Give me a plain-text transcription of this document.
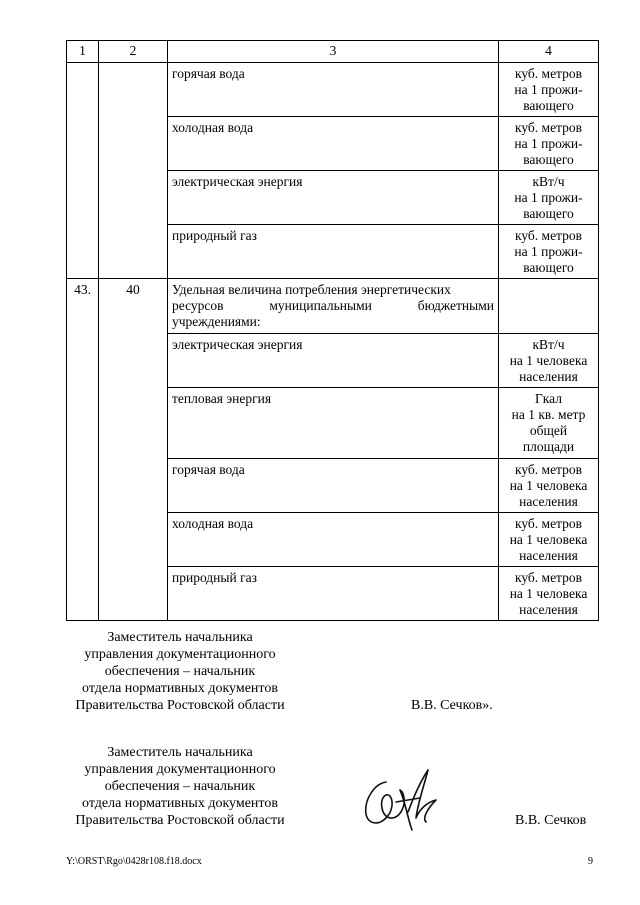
1	2	3	4
		горячая вода	куб. метров
на 1 прожи-
вающего

		холодная вода	куб. метров
на 1 прожи-
вающего

		электрическая энергия	кВт/ч
на 1 прожи-
вающего

		природный газ	куб. метров
на 1 прожи-
вающего

43.	40	Удельная величина потребления энергетических
ресурсов муниципальными бюджетными
учреждениями:	

		электрическая энергия	кВт/ч
на 1 человека
населения

		тепловая энергия	Гкал
на 1 кв. метр
общей
площади

		горячая вода	куб. метров
на 1 человека
населения

		холодная вода	куб. метров
на 1 человека
населения

		природный газ	куб. метров
на 1 человека
населения
Заместитель начальника
управления документационного
обеспечения – начальник
отдела нормативных документов
Правительства Ростовской области	В.В. Сечков».
Заместитель начальника
управления документационного
обеспечения – начальник
отдела нормативных документов
Правительства Ростовской области	В.В. Сечков
Y:\ORST\Rgo\0428r108.f18.docx	9
